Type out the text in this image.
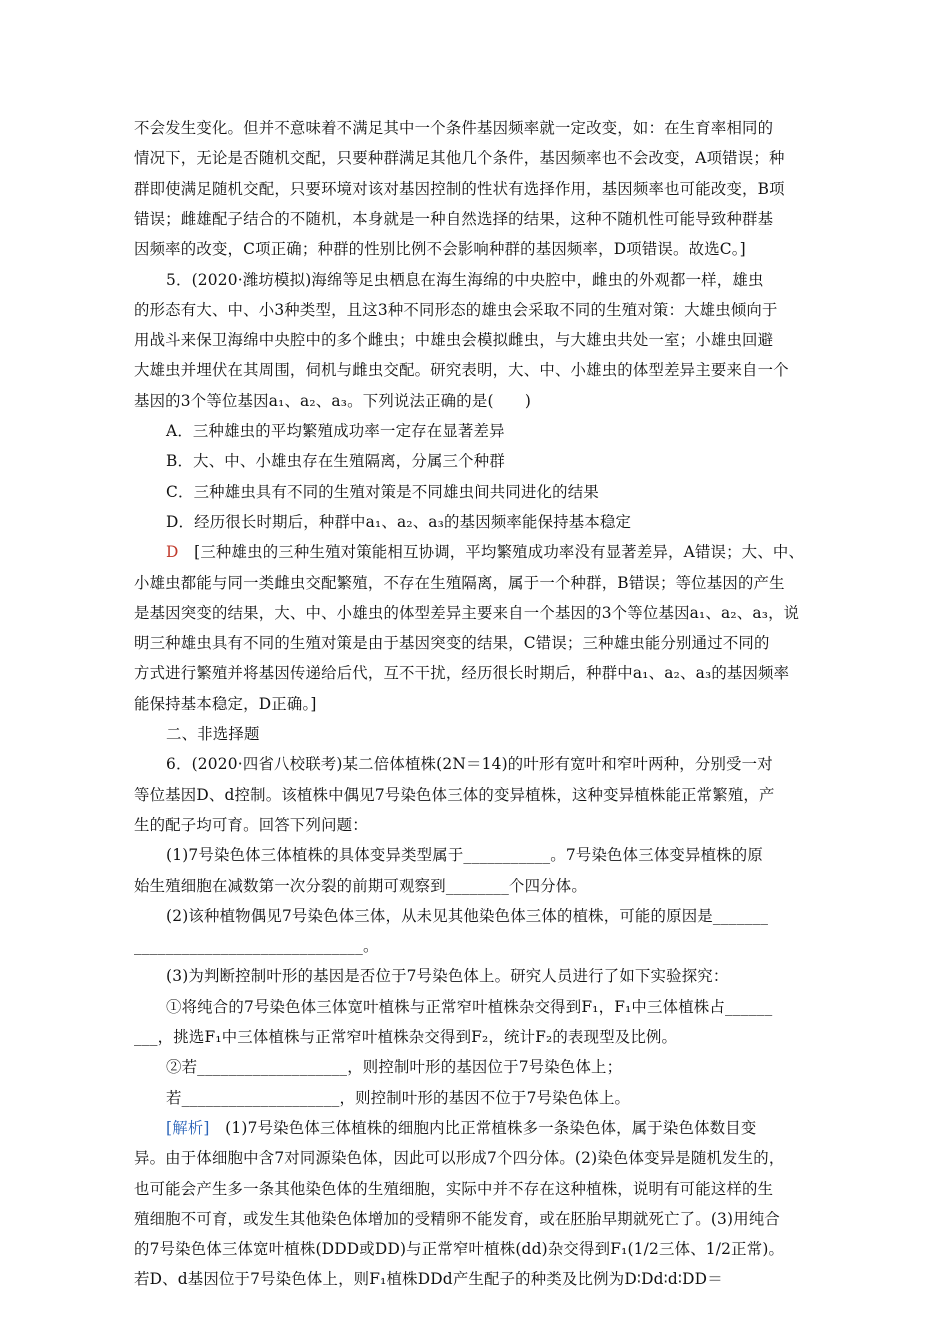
不会发生变化。但并不意味着不满足其中一个条件基因频率就一定改变，如：在生育率相同的
情况下，无论是否随机交配，只要种群满足其他几个条件，基因频率也不会改变，A项错误；种
群即使满足随机交配，只要环境对该对基因控制的性状有选择作用，基因频率也可能改变，B项
错误；雌雄配子结合的不随机，本身就是一种自然选择的结果，这种不随机性可能导致种群基
因频率的改变，C项正确；种群的性别比例不会影响种群的基因频率，D项错误。故选C。]
5．(2020·潍坊模拟)海绵等足虫栖息在海生海绵的中央腔中，雌虫的外观都一样，雄虫
的形态有大、中、小3种类型，且这3种不同形态的雄虫会采取不同的生殖对策：大雄虫倾向于
用战斗来保卫海绵中央腔中的多个雌虫；中雄虫会模拟雌虫，与大雄虫共处一室；小雄虫回避
大雄虫并埋伏在其周围，伺机与雌虫交配。研究表明，大、中、小雄虫的体型差异主要来自一个
基因的3个等位基因a₁、a₂、a₃。下列说法正确的是(　　)
A．三种雄虫的平均繁殖成功率一定存在显著差异
B．大、中、小雄虫存在生殖隔离，分属三个种群
C．三种雄虫具有不同的生殖对策是不同雄虫间共同进化的结果
D．经历很长时期后，种群中a₁、a₂、a₃的基因频率能保持基本稳定
D　[三种雄虫的三种生殖对策能相互协调，平均繁殖成功率没有显著差异，A错误；大、中、
小雄虫都能与同一类雌虫交配繁殖，不存在生殖隔离，属于一个种群，B错误；等位基因的产生
是基因突变的结果，大、中、小雄虫的体型差异主要来自一个基因的3个等位基因a₁、a₂、a₃，说
明三种雄虫具有不同的生殖对策是由于基因突变的结果，C错误；三种雄虫能分别通过不同的
方式进行繁殖并将基因传递给后代，互不干扰，经历很长时期后，种群中a₁、a₂、a₃的基因频率
能保持基本稳定，D正确。]
二、非选择题
6．(2020·四省八校联考)某二倍体植株(2N＝14)的叶形有宽叶和窄叶两种，分别受一对
等位基因D、d控制。该植株中偶见7号染色体三体的变异植株，这种变异植株能正常繁殖，产
生的配子均可育。回答下列问题：
(1)7号染色体三体植株的具体变异类型属于___________。7号染色体三体变异植株的原
始生殖细胞在减数第一次分裂的前期可观察到________个四分体。
(2)该种植物偶见7号染色体三体，从未见其他染色体三体的植株，可能的原因是_______
_____________________________。
(3)为判断控制叶形的基因是否位于7号染色体上。研究人员进行了如下实验探究：
①将纯合的7号染色体三体宽叶植株与正常窄叶植株杂交得到F₁，F₁中三体植株占______
___，挑选F₁中三体植株与正常窄叶植株杂交得到F₂，统计F₂的表现型及比例。
②若___________________，则控制叶形的基因位于7号染色体上；
若____________________，则控制叶形的基因不位于7号染色体上。
[解析]　(1)7号染色体三体植株的细胞内比正常植株多一条染色体，属于染色体数目变
异。由于体细胞中含7对同源染色体，因此可以形成7个四分体。(2)染色体变异是随机发生的，
也可能会产生多一条其他染色体的生殖细胞，实际中并不存在这种植株，说明有可能这样的生
殖细胞不可育，或发生其他染色体增加的受精卵不能发育，或在胚胎早期就死亡了。(3)用纯合
的7号染色体三体宽叶植株(DDD或DD)与正常窄叶植株(dd)杂交得到F₁(1/2三体、1/2正常)。
若D、d基因位于7号染色体上，则F₁植株DDd产生配子的种类及比例为D∶Dd∶d∶DD＝
